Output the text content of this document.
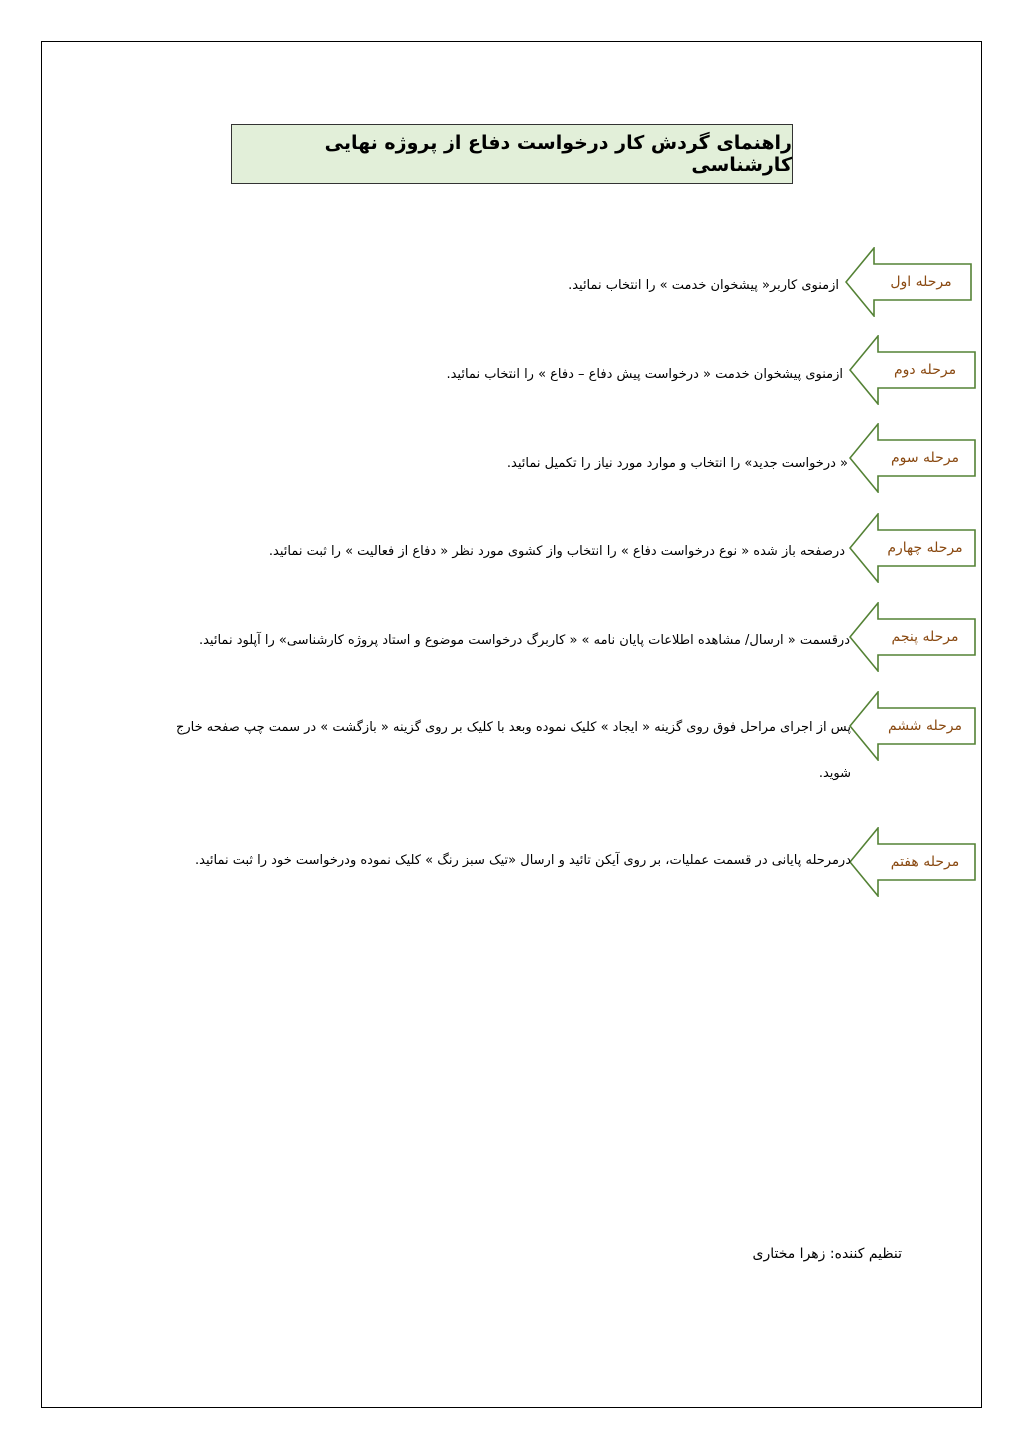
راهنمای گردش کار درخواست دفاع از پروژه نهایی کارشناسی
مرحله اول
ازمنوی کاربر« پیشخوان خدمت » را انتخاب نمائید.
مرحله دوم
ازمنوی پیشخوان خدمت « درخواست پیش دفاع – دفاع » را انتخاب نمائید.
مرحله سوم
« درخواست جدید» را انتخاب و موارد مورد نیاز را تکمیل نمائید.
مرحله چهارم
درصفحه باز شده « نوع درخواست دفاع » را انتخاب واز کشوی مورد نظر « دفاع از فعالیت » را ثبت نمائید.
مرحله پنجم
درقسمت « ارسال/ مشاهده اطلاعات پایان نامه » « کاربرگ درخواست موضوع و استاد پروژه کارشناسی» را آپلود نمائید.
مرحله ششم
پس از اجرای مراحل فوق روی گزینه « ایجاد » کلیک نموده وبعد با کلیک بر روی گزینه « بازگشت » در سمت چپ صفحه خارج شوید.
مرحله هفتم
درمرحله پایانی در قسمت عملیات، بر روی آیکن تائید و ارسال «تیک سبز رنگ » کلیک نموده ودرخواست خود را ثبت نمائید.
تنظیم کننده: زهرا مختاری
